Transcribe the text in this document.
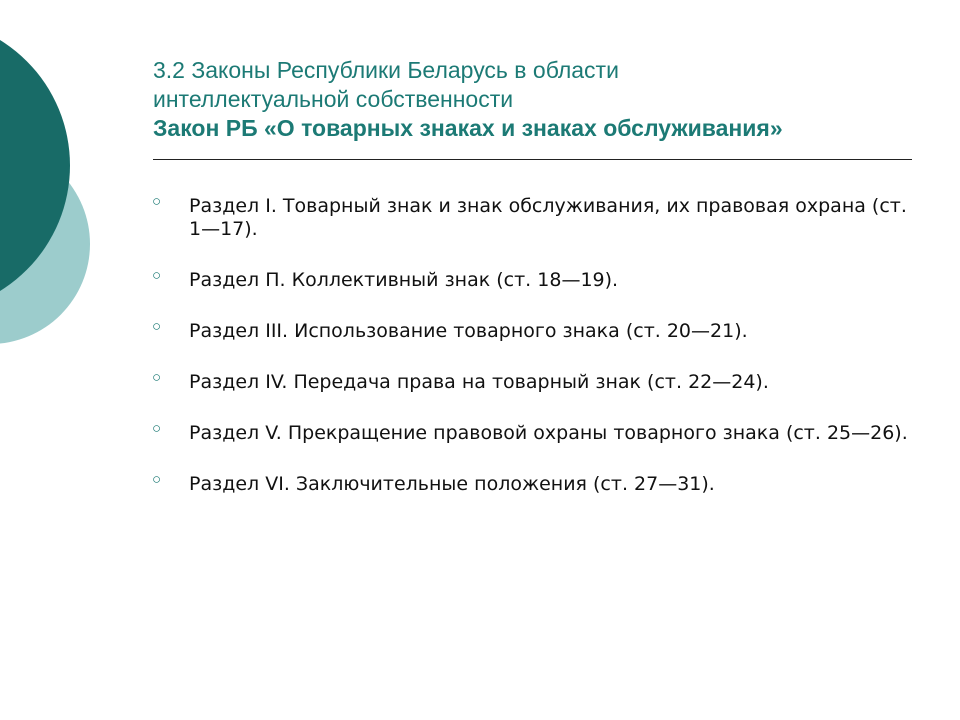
3.2 Законы Республики Беларусь в области
интеллектуальной собственности
Закон РБ «О товарных знаках и знаках обслуживания»
○	Раздел I. Товарный знак и знак обслуживания, их правовая охрана (ст. 1—17).
○	Раздел П. Коллективный знак (ст. 18—19).
○	Раздел III. Использование товарного знака (ст. 20—21).
○	Раздел IV. Передача права на товарный знак (ст. 22—24).
○	Раздел V. Прекращение правовой охраны товарного знака (ст. 25—26).
○	Раздел VI. Заключительные положения (ст. 27—31).
